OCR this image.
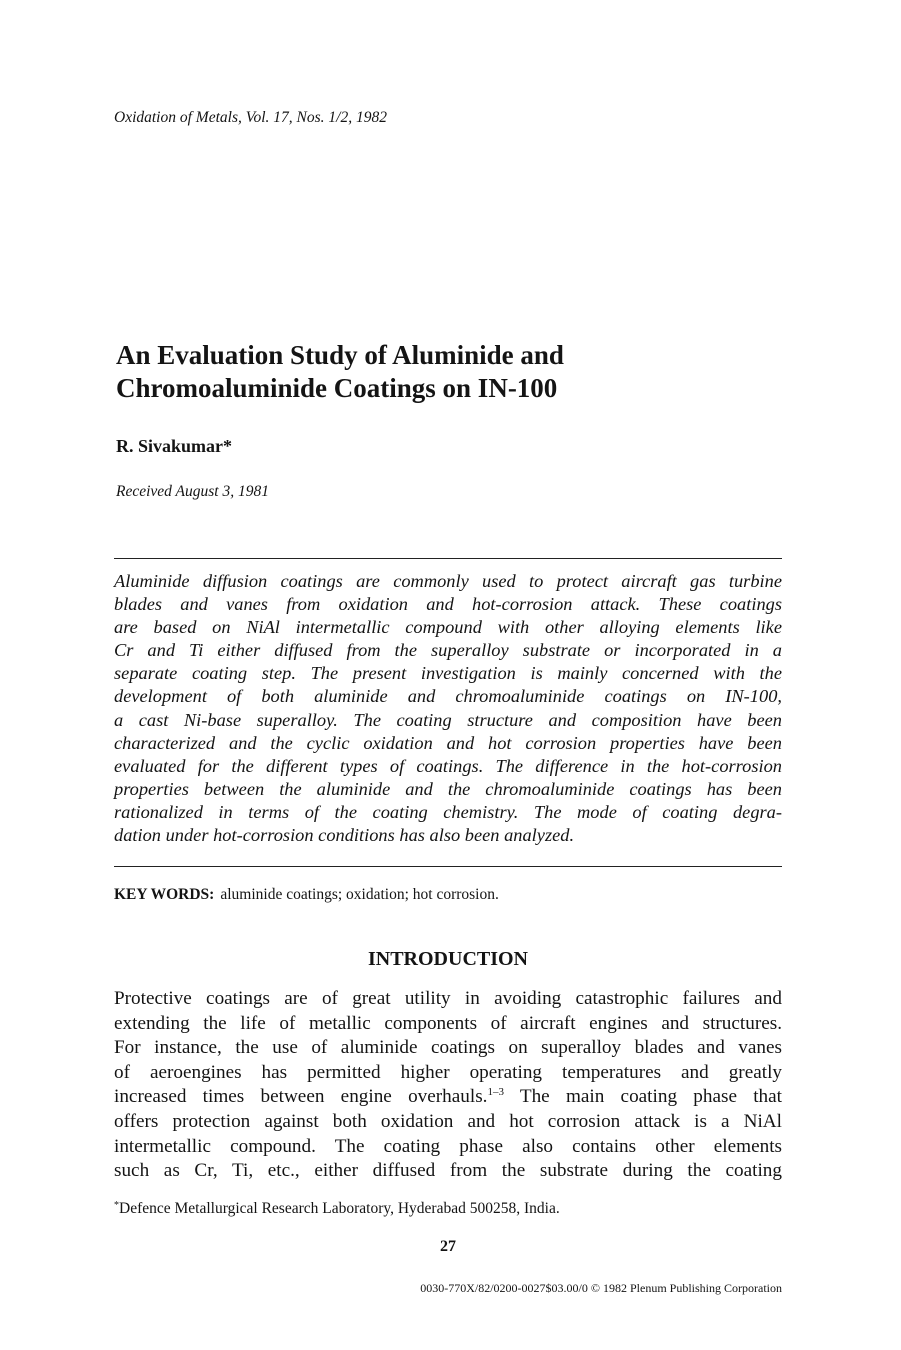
Oxidation of Metals, Vol. 17, Nos. 1/2, 1982
An Evaluation Study of Aluminide and
Chromoaluminide Coatings on IN-100
R. Sivakumar*
Received August 3, 1981
Aluminide diffusion coatings are commonly used to protect aircraft gas turbine
blades and vanes from oxidation and hot-corrosion attack. These coatings
are based on NiAl intermetallic compound with other alloying elements like
Cr and Ti either diffused from the superalloy substrate or incorporated in a
separate coating step. The present investigation is mainly concerned with the
development of both aluminide and chromoaluminide coatings on IN-100,
a cast Ni-base superalloy. The coating structure and composition have been
characterized and the cyclic oxidation and hot corrosion properties have been
evaluated for the different types of coatings. The difference in the hot-corrosion
properties between the aluminide and the chromoaluminide coatings has been
rationalized in terms of the coating chemistry. The mode of coating degra-
dation under hot-corrosion conditions has also been analyzed.
KEY WORDS: aluminide coatings; oxidation; hot corrosion.
INTRODUCTION
Protective coatings are of great utility in avoiding catastrophic failures and
extending the life of metallic components of aircraft engines and structures.
For instance, the use of aluminide coatings on superalloy blades and vanes
of aeroengines has permitted higher operating temperatures and greatly
increased times between engine overhauls.$^{1-3}$ The main coating phase that
offers protection against both oxidation and hot corrosion attack is a NiAl
intermetallic compound. The coating phase also contains other elements
such as Cr, Ti, etc., either diffused from the substrate during the coating
*Defence Metallurgical Research Laboratory, Hyderabad 500258, India.
27
0030-770X/82/0200-0027$03.00/0 © 1982 Plenum Publishing Corporation
